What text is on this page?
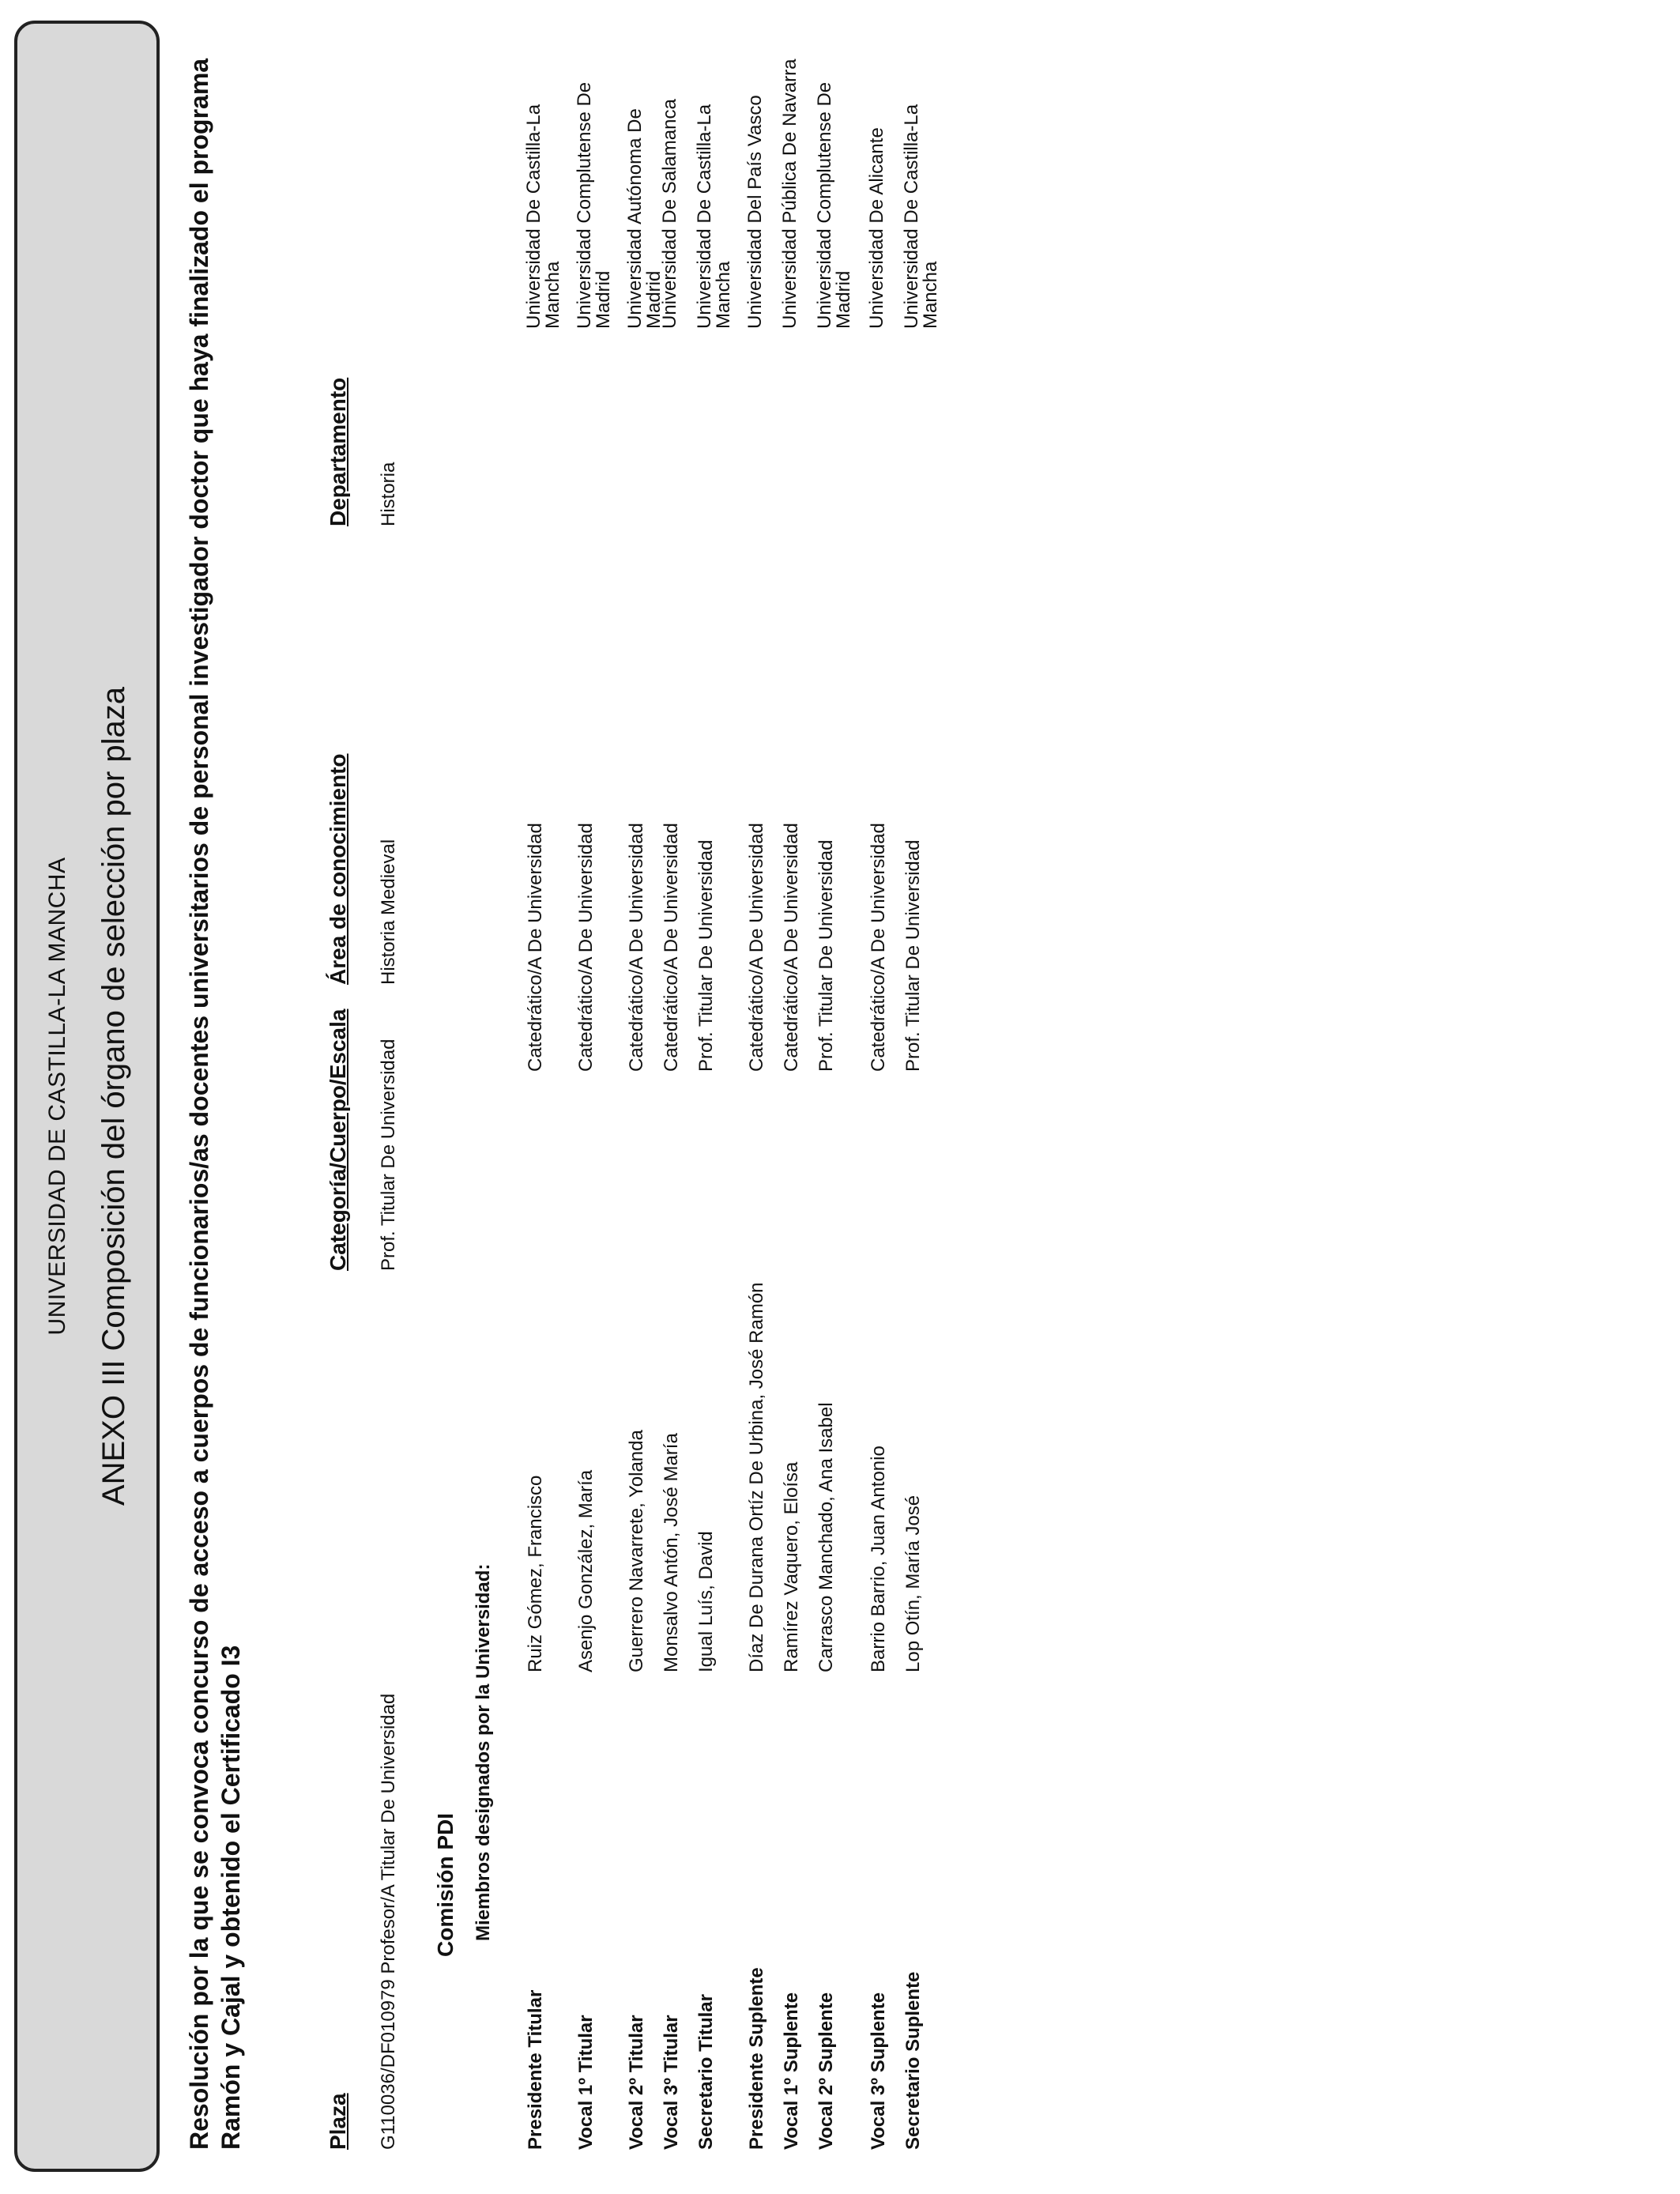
UNIVERSIDAD DE CASTILLA-LA MANCHA ANEXO III Composición del órgano de selección por plaza Resolución por la que se convoca concurso de acceso a cuerpos de funcionarios/as docentes universitarios de personal investigador doctor que haya finalizado el programa Ramón y Cajal y obtenido el Certificado I3	Plaza
Categoría/Cuerpo/Escala
Área de conocimiento
Departamento
G110036/DF010979 Profesor/A Titular De Universidad
Prof. Titular De Universidad
Historia Medieval
Historia
Comisión PDI Miembros designados por la Universidad:
Presidente Titular
Ruiz Gómez, Francisco
Catedrático/A De Universidad
Universidad De Castilla-La Mancha
Vocal 1º Titular
Asenjo González, María
Catedrático/A De Universidad
Universidad Complutense De Madrid
Vocal 2º Titular
Guerrero Navarrete, Yolanda
Catedrático/A De Universidad
Universidad Autónoma De Madrid
Vocal 3º Titular
Monsalvo Antón, José María
Catedrático/A De Universidad
Universidad De Salamanca
Secretario Titular
Igual Luís, David
Prof. Titular De Universidad
Universidad De Castilla-La Mancha
Presidente Suplente
Díaz De Durana Ortíz De Urbina, José Ramón
Catedrático/A De Universidad
Universidad Del País Vasco
Vocal 1º Suplente
Ramírez Vaquero, Eloísa
Catedrático/A De Universidad
Universidad Pública De Navarra
Vocal 2º Suplente
Carrasco Manchado, Ana Isabel
Prof. Titular De Universidad
Universidad Complutense De Madrid
Vocal 3º Suplente
Barrio Barrio, Juan Antonio
Catedrático/A De Universidad
Universidad De Alicante
Secretario Suplente
Lop Otín, María José
Prof. Titular De Universidad
Universidad De Castilla-La Mancha
